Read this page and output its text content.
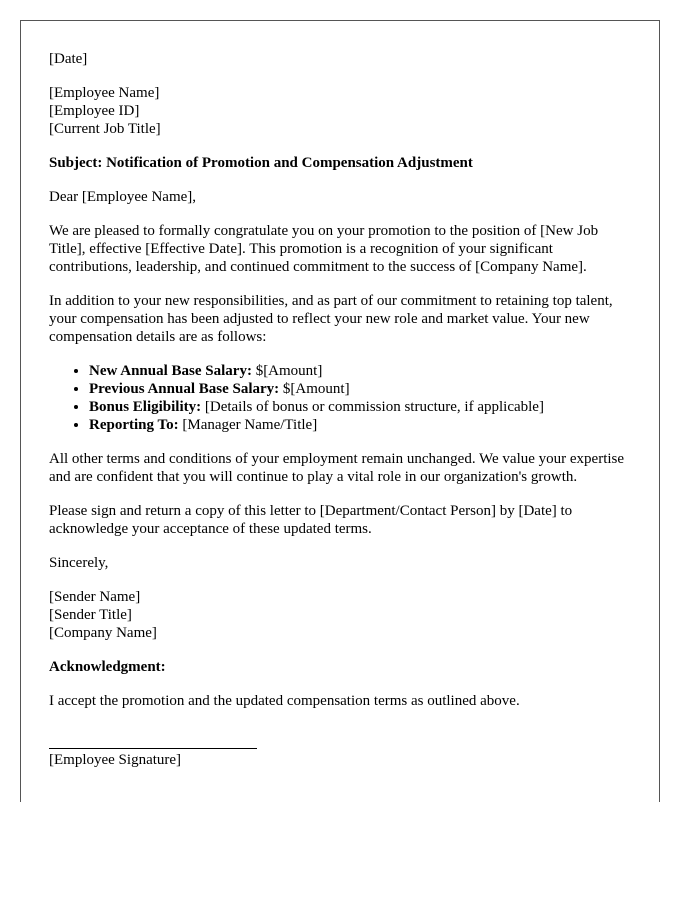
[Date]

[Employee Name]
[Employee ID]
[Current Job Title]

Subject: Notification of Promotion and Compensation Adjustment

Dear [Employee Name],

We are pleased to formally congratulate you on your promotion to the position of [New Job Title], effective [Effective Date]. This promotion is a recognition of your significant contributions, leadership, and continued commitment to the success of [Company Name].

In addition to your new responsibilities, and as part of our commitment to retaining top talent, your compensation has been adjusted to reflect your new role and market value. Your new compensation details are as follows:

• New Annual Base Salary: $[Amount]
• Previous Annual Base Salary: $[Amount]
• Bonus Eligibility: [Details of bonus or commission structure, if applicable]
• Reporting To: [Manager Name/Title]

All other terms and conditions of your employment remain unchanged. We value your expertise and are confident that you will continue to play a vital role in our organization's growth.

Please sign and return a copy of this letter to [Department/Contact Person] by [Date] to acknowledge your acceptance of these updated terms.

Sincerely,

[Sender Name]
[Sender Title]
[Company Name]

Acknowledgment:

I accept the promotion and the updated compensation terms as outlined above.

[Employee Signature]
